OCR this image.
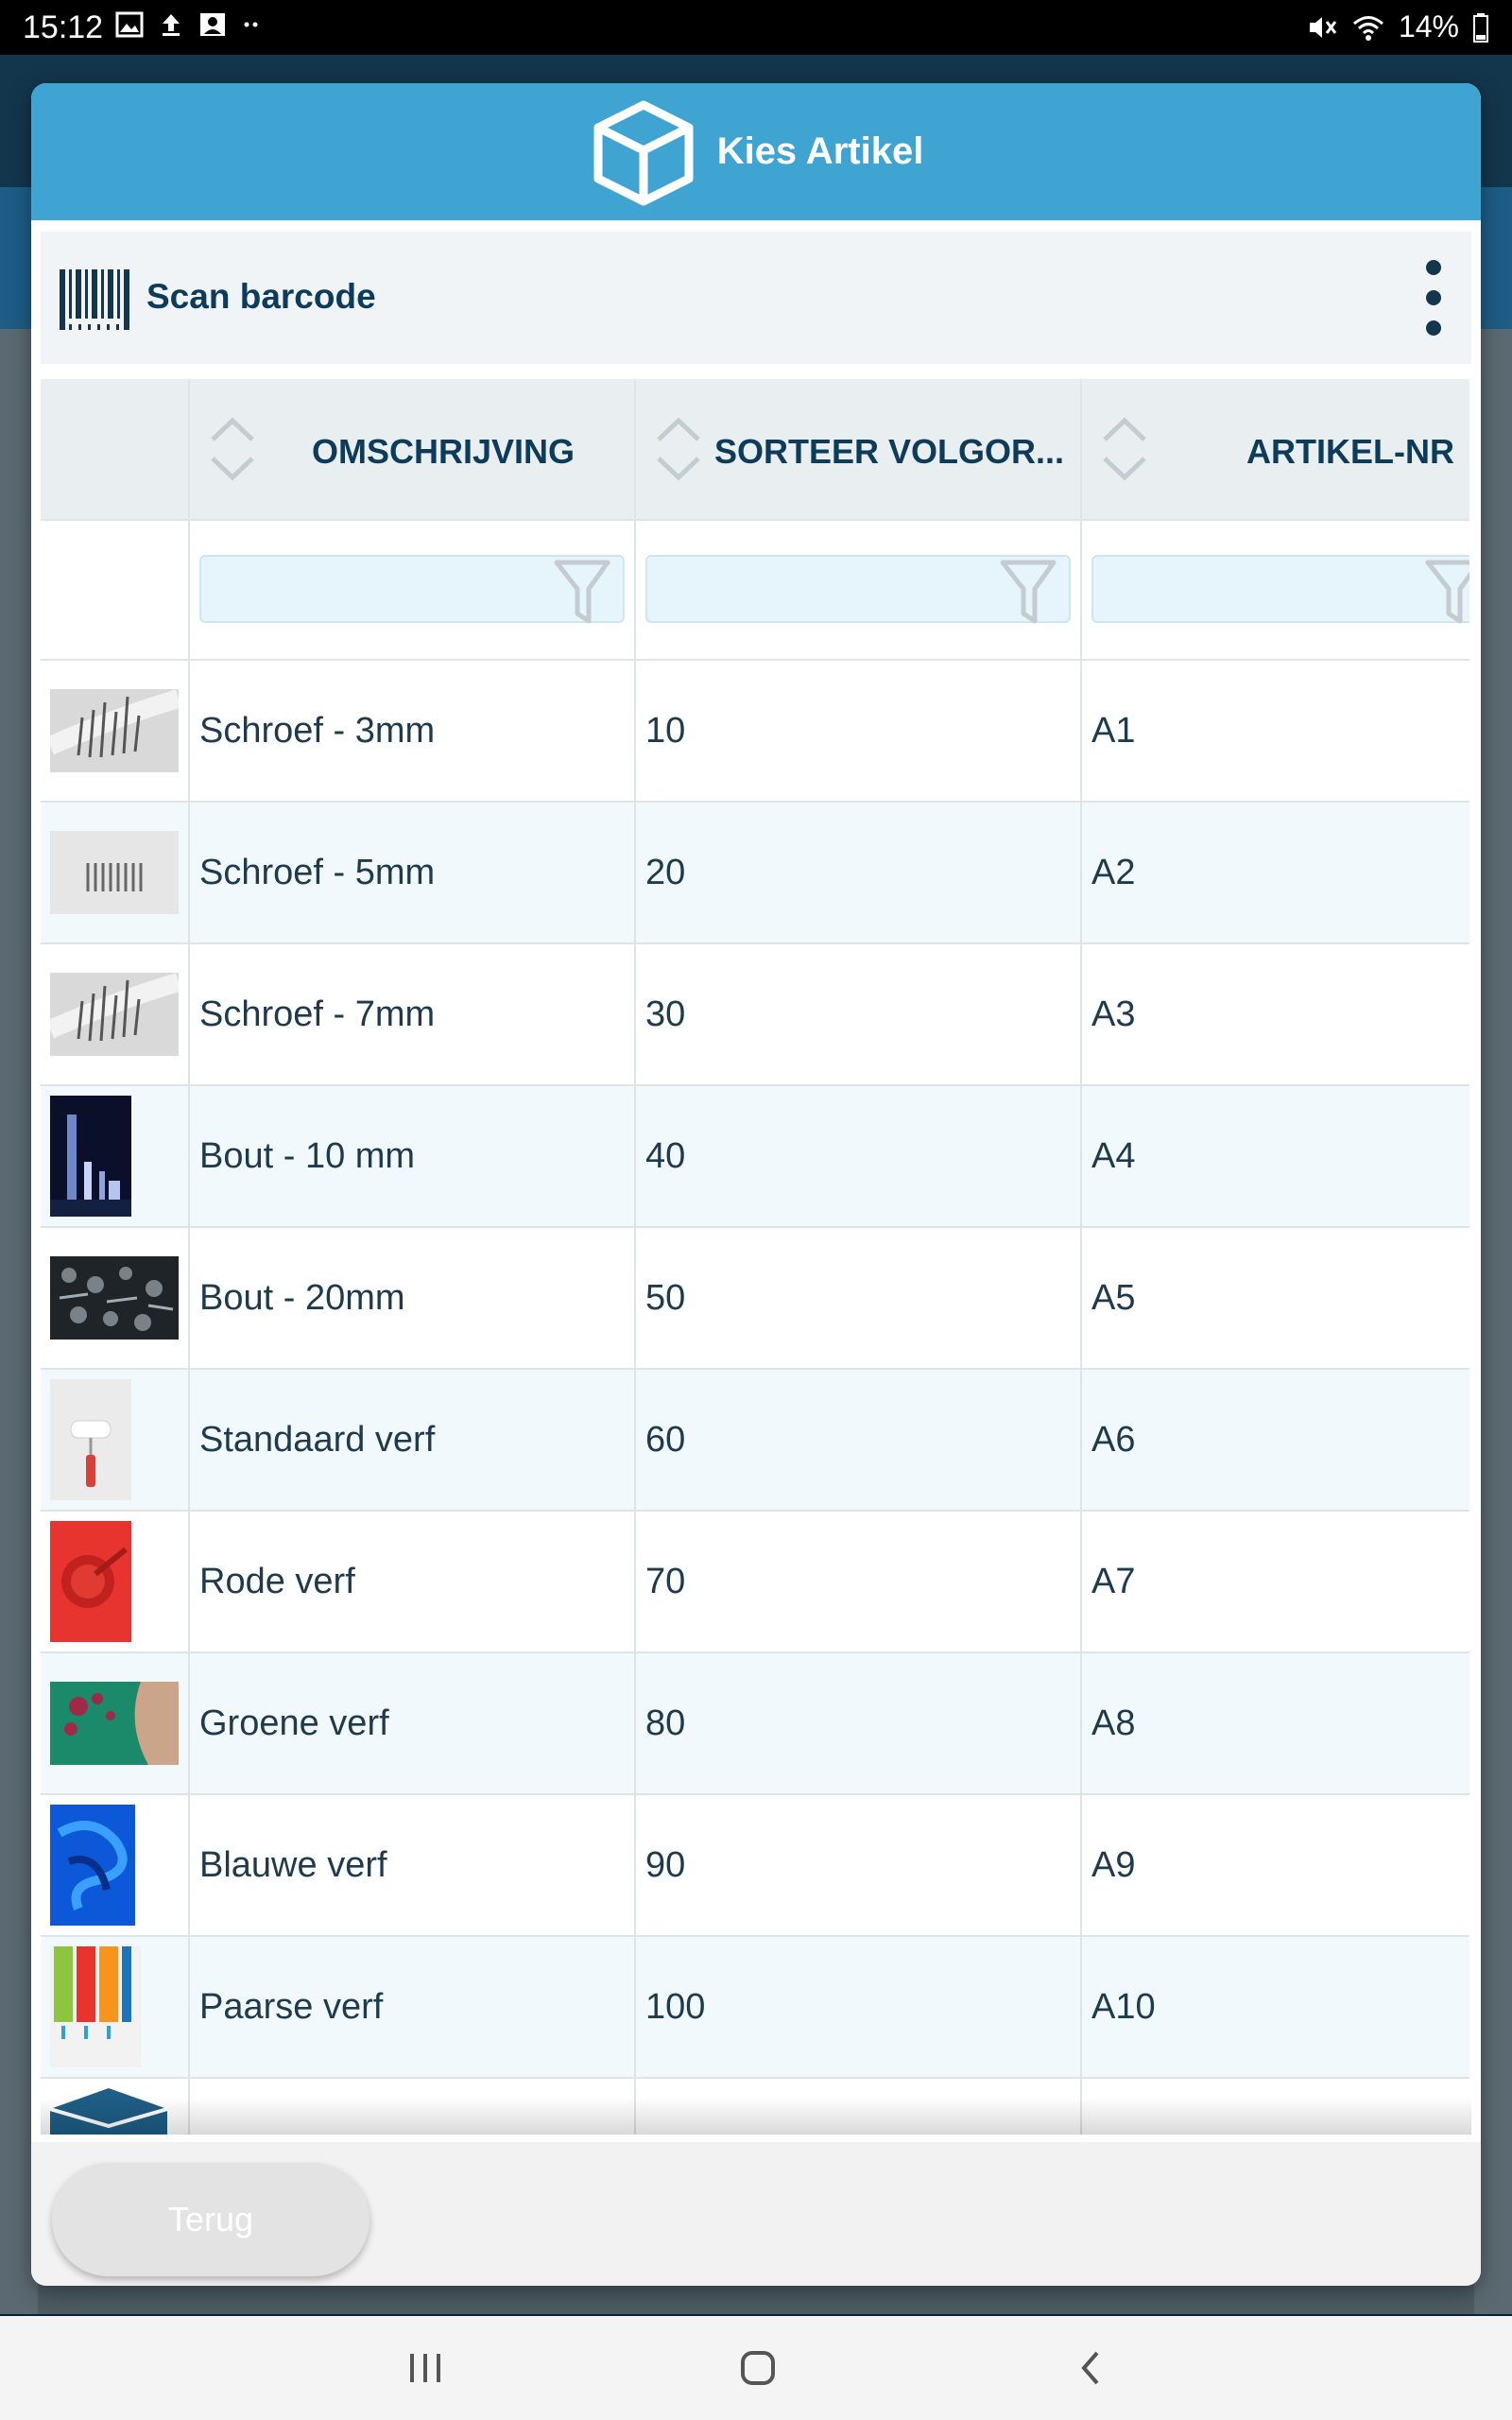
15:12	14%
Kies Artikel
Scan barcode

	OMSCHRIJVING	SORTEER VOLGOR...	ARTIKEL-NR

	Schroef - 3mm	10	A1

	Schroef - 5mm	20	A2

	Schroef - 7mm	30	A3

	Bout - 10 mm	40	A4

	Bout - 20mm	50	A5

	Standaard verf	60	A6

	Rode verf	70	A7

	Groene verf	80	A8

	Blauwe verf	90	A9

	Paarse verf	100	A10

Terug
